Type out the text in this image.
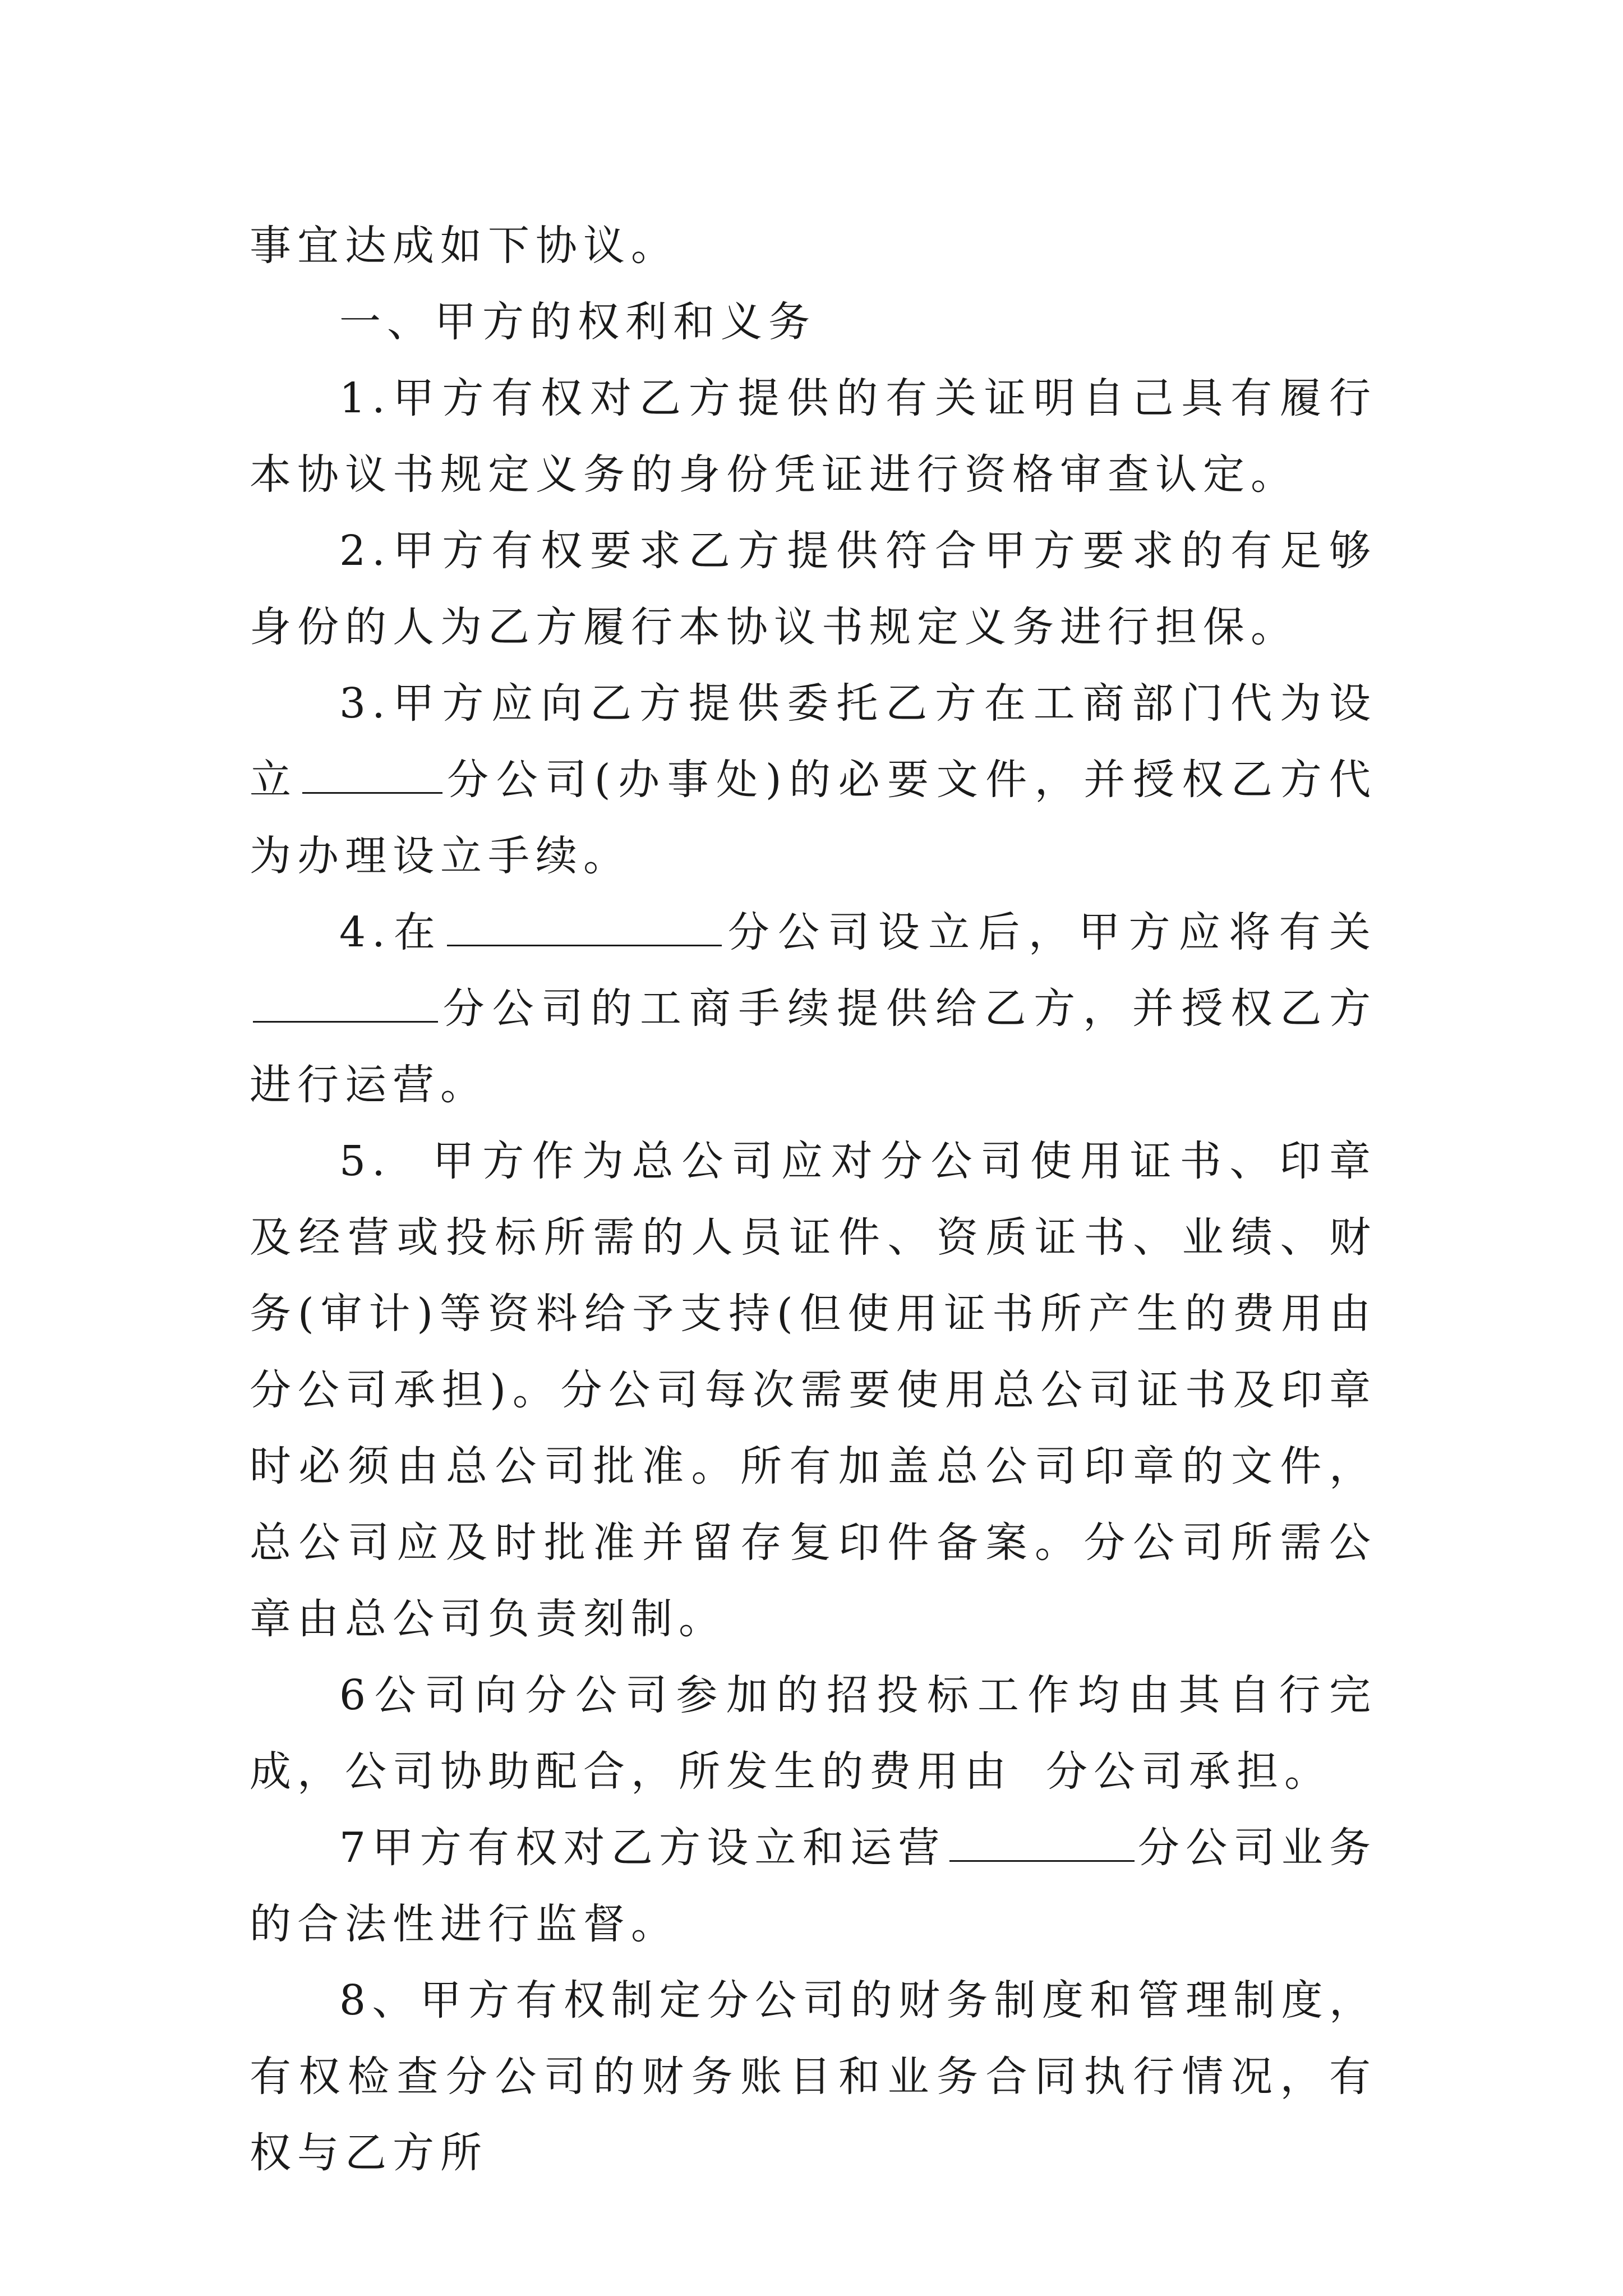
事宜达成如下协议。

一、甲方的权利和义务

1.甲方有权对乙方提供的有关证明自己具有履行本协议书规定义务的身份凭证进行资格审查认定。

2.甲方有权要求乙方提供符合甲方要求的有足够身份的人为乙方履行本协议书规定义务进行担保。

3.甲方应向乙方提供委托乙方在工商部门代为设立	分公司(办事处)的必要文件，并授权乙方代为办理设立手续。

4.在	分公司设立后，甲方应将有关分公司的工商手续提供给乙方，并授权乙方进行运营。

5. 甲方作为总公司应对分公司使用证书、印章及经营或投标所需的人员证件、资质证书、业绩、财务(审计)等资料给予支持(但使用证书所产生的费用由分公司承担)。分公司每次需要使用总公司证书及印章时必须由总公司批准。所有加盖总公司印章的文件，总公司应及时批准并留存复印件备案。分公司所需公章由总公司负责刻制。

6公司向分公司参加的招投标工作均由其自行完成，公司协助配合，所发生的费用由 分公司承担。

7甲方有权对乙方设立和运营	分公司业务的合法性进行监督。

8、甲方有权制定分公司的财务制度和管理制度，有权检查分公司的财务账目和业务合同执行情况，有权与乙方所
